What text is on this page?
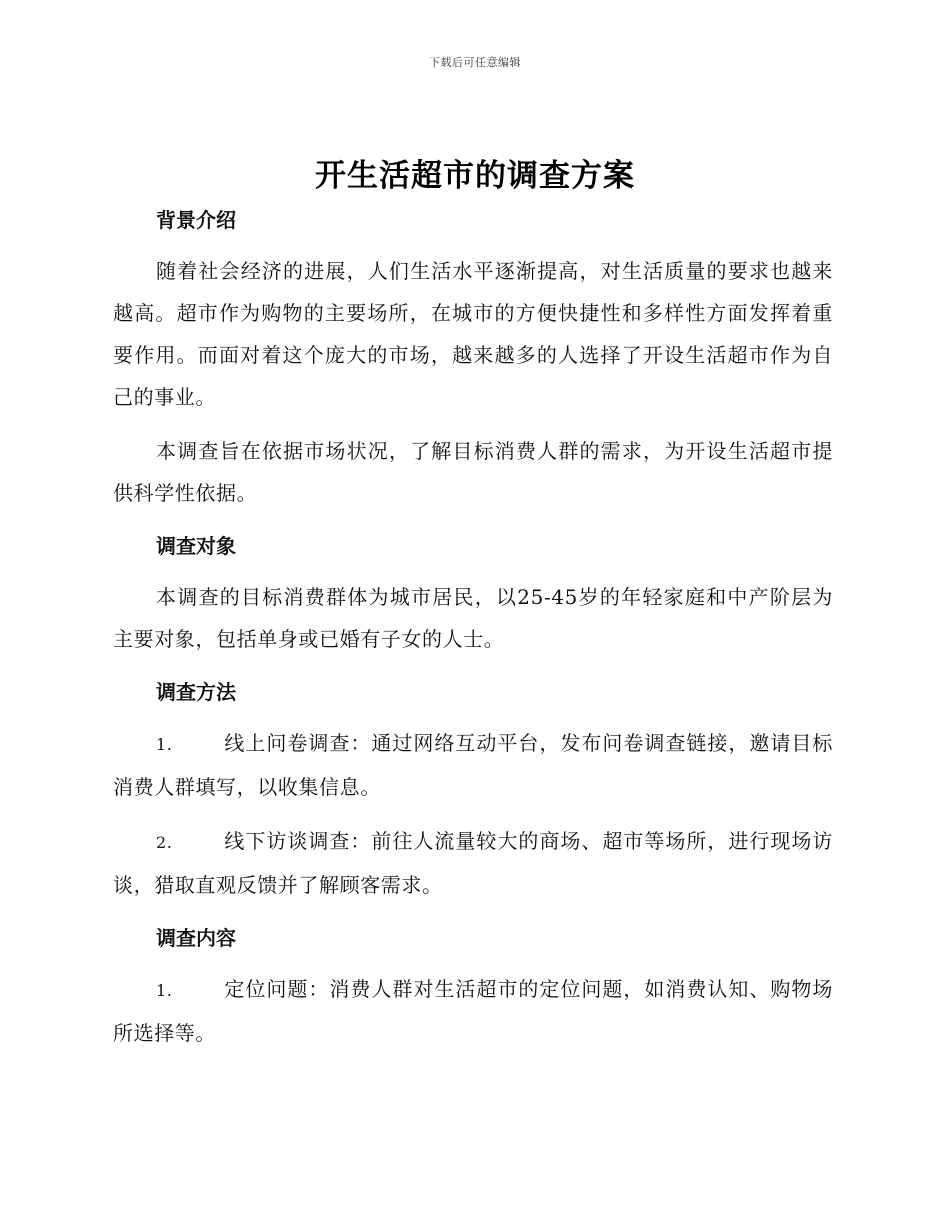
下载后可任意编辑
开生活超市的调查方案
背景介绍

随着社会经济的进展，人们生活水平逐渐提高，对生活质量的要求也越来越高。超市作为购物的主要场所，在城市的方便快捷性和多样性方面发挥着重要作用。而面对着这个庞大的市场，越来越多的人选择了开设生活超市作为自己的事业。

本调查旨在依据市场状况，了解目标消费人群的需求，为开设生活超市提供科学性依据。

调查对象

本调查的目标消费群体为城市居民，以25-45岁的年轻家庭和中产阶层为主要对象，包括单身或已婚有子女的人士。

调查方法

1.	线上问卷调查：通过网络互动平台，发布问卷调查链接，邀请目标消费人群填写，以收集信息。

2.	线下访谈调查：前往人流量较大的商场、超市等场所，进行现场访谈，猎取直观反馈并了解顾客需求。

调查内容

1.	定位问题：消费人群对生活超市的定位问题，如消费认知、购物场所选择等。
